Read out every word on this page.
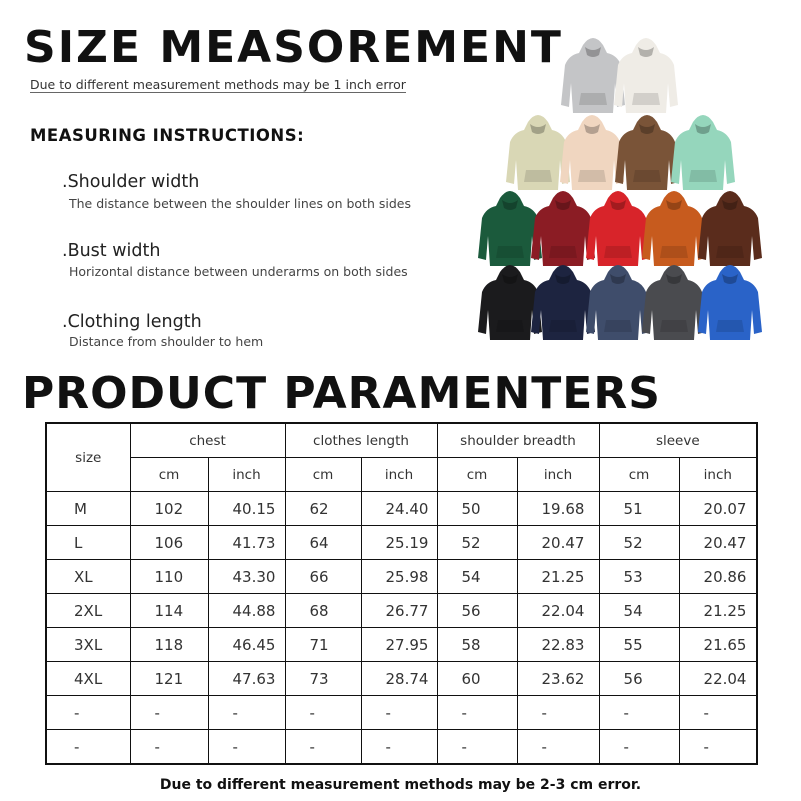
SIZE MEASOREMENT
Due to different measurement methods may be 1 inch error
MEASURING INSTRUCTIONS:
.Shoulder width
The distance between the shoulder lines on both sides
.Bust width
Horizontal distance between underarms on both sides
.Clothing length
Distance from shoulder to hem
PRODUCT PARAMENTERS
size	chest		clothes length		shoulder breadth		sleeve	
	cm	inch	cm	inch	cm	inch	cm	inch
M	102	40.15	62	24.40	50	19.68	51	20.07
L	106	41.73	64	25.19	52	20.47	52	20.47
XL	110	43.30	66	25.98	54	21.25	53	20.86
2XL	114	44.88	68	26.77	56	22.04	54	21.25
3XL	118	46.45	71	27.95	58	22.83	55	21.65
4XL	121	47.63	73	28.74	60	23.62	56	22.04
-	-	-	-	-	-	-	-	-
-	-	-	-	-	-	-	-	-
Due to different measurement methods may be 2-3 cm error.
